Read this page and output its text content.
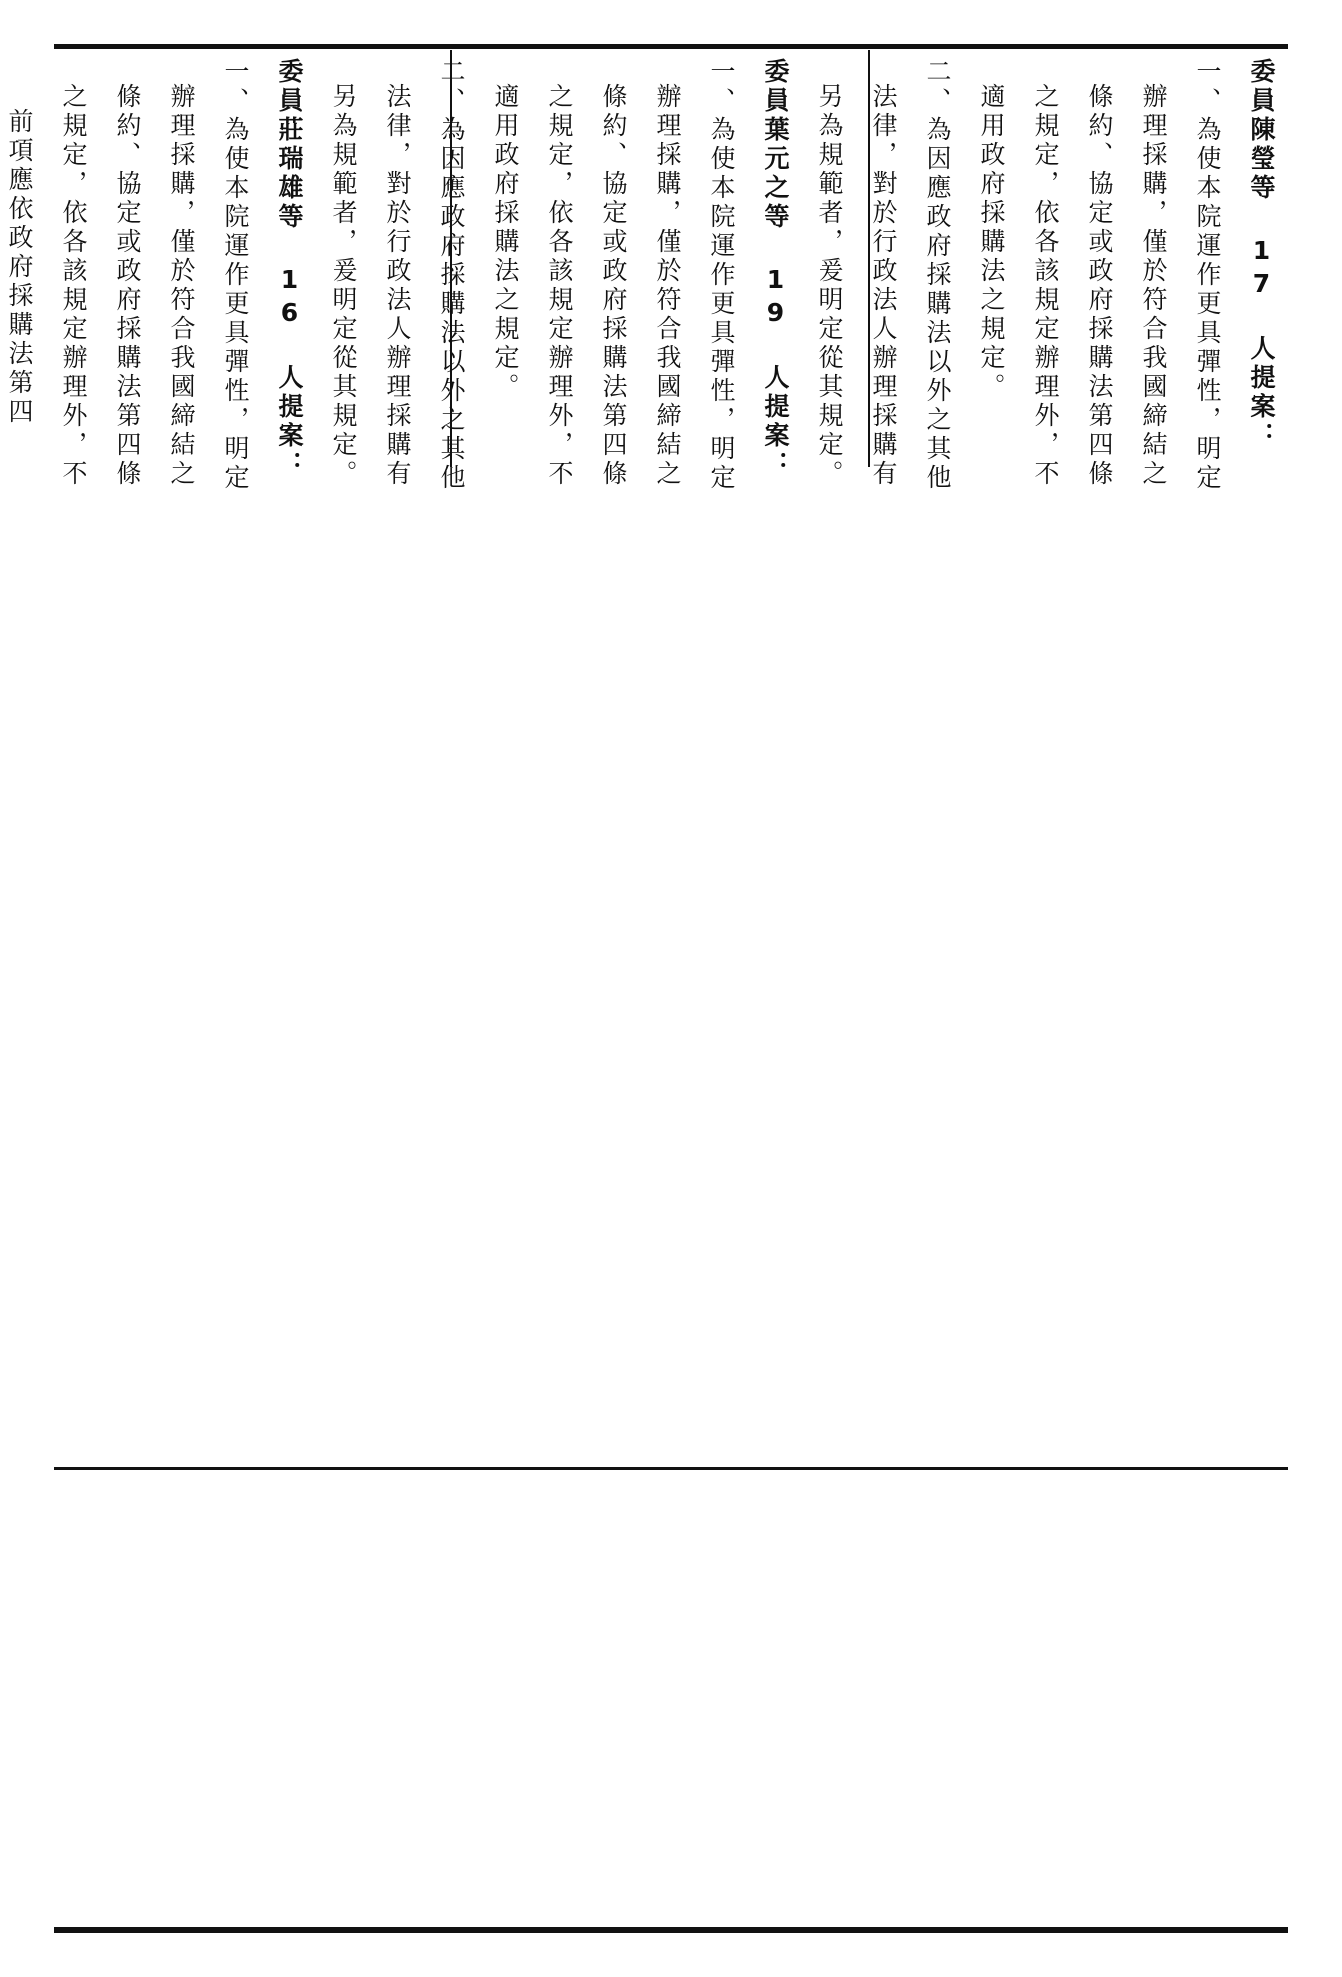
委員陳瑩等 17 人提案：
一、為使本院運作更具彈性，明定
辦理採購，僅於符合我國締結之
條約、協定或政府採購法第四條
之規定，依各該規定辦理外，不
適用政府採購法之規定。
二、為因應政府採購法以外之其他
法律，對於行政法人辦理採購有
另為規範者，爰明定從其規定。
委員葉元之等 19 人提案：
一、為使本院運作更具彈性，明定
辦理採購，僅於符合我國締結之
條約、協定或政府採購法第四條
之規定，依各該規定辦理外，不
適用政府採購法之規定。
二、為因應政府採購法以外之其他
法律，對於行政法人辦理採購有
另為規範者，爰明定從其規定。
委員莊瑞雄等 16 人提案：
一、為使本院運作更具彈性，明定
辦理採購，僅於符合我國締結之
條約、協定或政府採購法第四條
之規定，依各該規定辦理外，不
前項應依政府採購法第四
